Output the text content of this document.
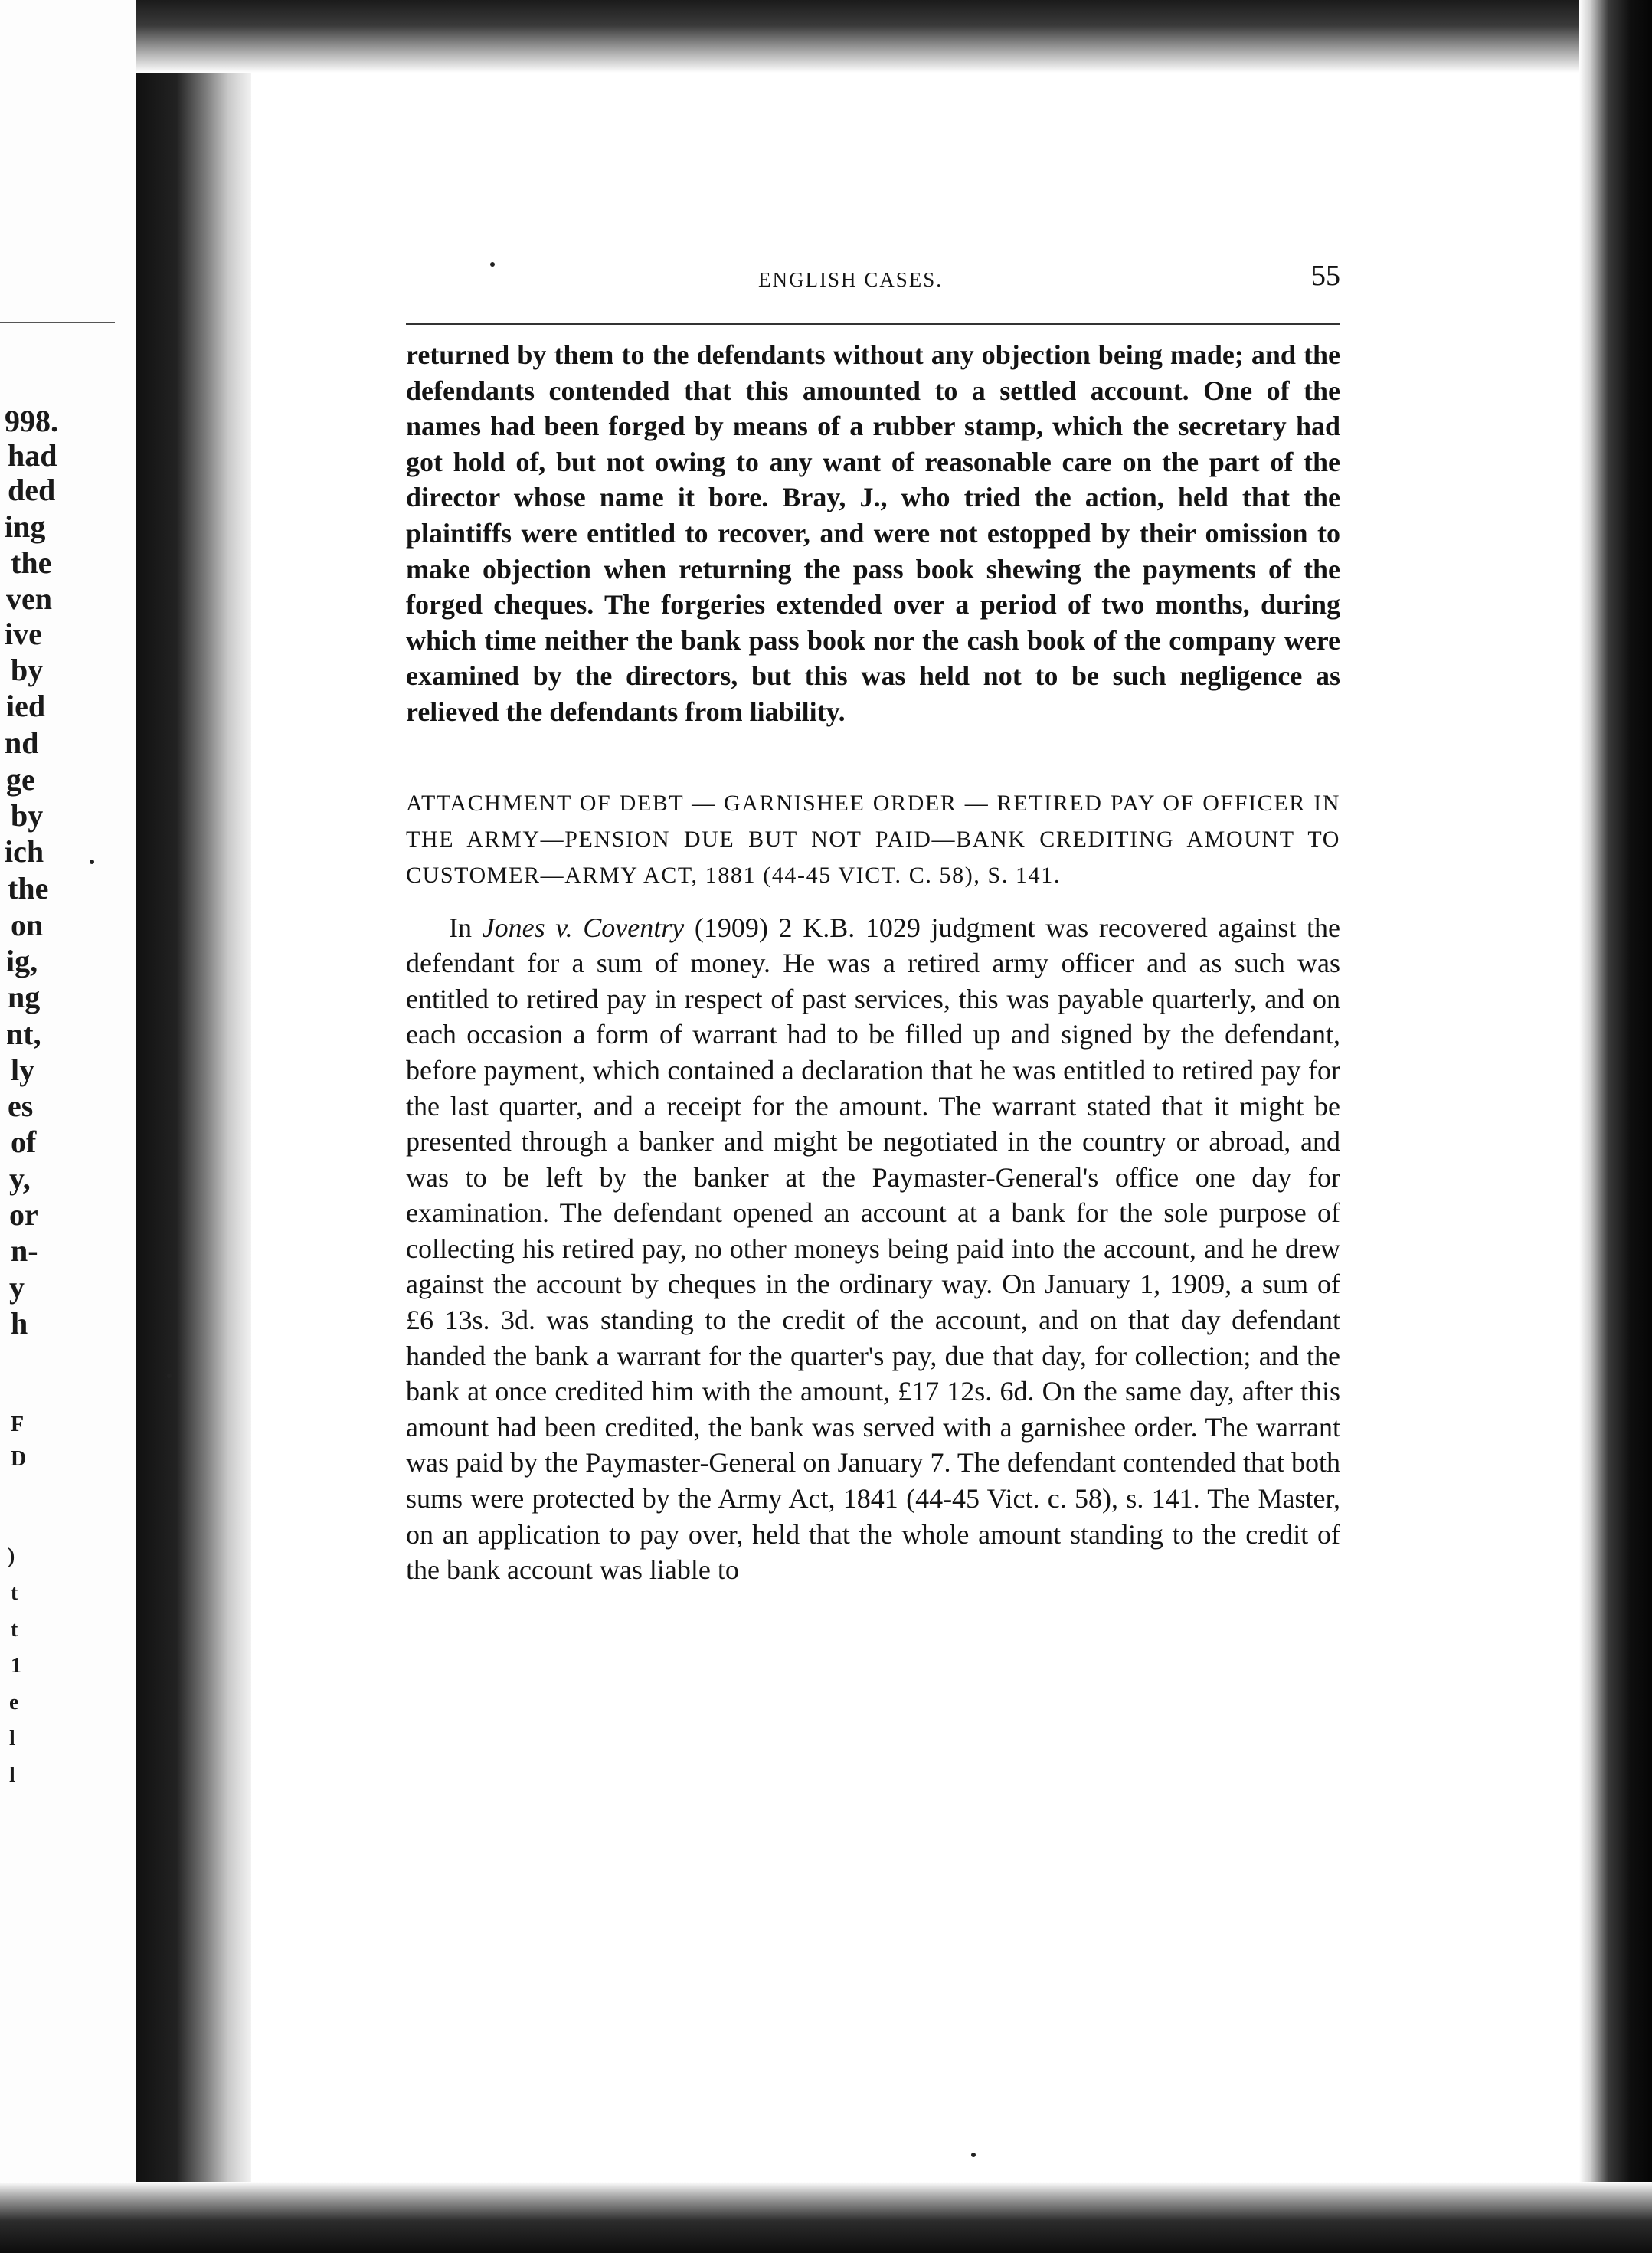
998.
had
ded
ing
the
ven
ive
by
ied
nd
ge
by
ich
the
on
ig,
ng
nt,
ly
es
of
y,
or
n-
y
h
F
D
)
t
t
1
e
l
l
ENGLISH CASES.	55

returned by them to the defendants without any objection being made; and the defendants contended that this amounted to a settled account. One of the names had been forged by means of a rubber stamp, which the secretary had got hold of, but not owing to any want of reasonable care on the part of the director whose name it bore. Bray, J., who tried the action, held that the plaintiffs were entitled to recover, and were not estopped by their omission to make objection when returning the pass book shewing the payments of the forged cheques. The forgeries extended over a period of two months, during which time neither the bank pass book nor the cash book of the company were examined by the directors, but this was held not to be such negligence as relieved the defendants from liability.

ATTACHMENT OF DEBT — GARNISHEE ORDER — RETIRED PAY OF OFFICER IN THE ARMY—PENSION DUE BUT NOT PAID—BANK CREDITING AMOUNT TO CUSTOMER—ARMY ACT, 1881 (44-45 VICT. C. 58), S. 141.

In Jones v. Coventry (1909) 2 K.B. 1029 judgment was recovered against the defendant for a sum of money. He was a retired army officer and as such was entitled to retired pay in respect of past services, this was payable quarterly, and on each occasion a form of warrant had to be filled up and signed by the defendant, before payment, which contained a declaration that he was entitled to retired pay for the last quarter, and a receipt for the amount. The warrant stated that it might be presented through a banker and might be negotiated in the country or abroad, and was to be left by the banker at the Paymaster-General's office one day for examination. The defendant opened an account at a bank for the sole purpose of collecting his retired pay, no other moneys being paid into the account, and he drew against the account by cheques in the ordinary way. On January 1, 1909, a sum of £6 13s. 3d. was standing to the credit of the account, and on that day defendant handed the bank a warrant for the quarter's pay, due that day, for collection; and the bank at once credited him with the amount, £17 12s. 6d. On the same day, after this amount had been credited, the bank was served with a garnishee order. The warrant was paid by the Paymaster-General on January 7. The defendant contended that both sums were protected by the Army Act, 1841 (44-45 Vict. c. 58), s. 141. The Master, on an application to pay over, held that the whole amount standing to the credit of the bank account was liable to
